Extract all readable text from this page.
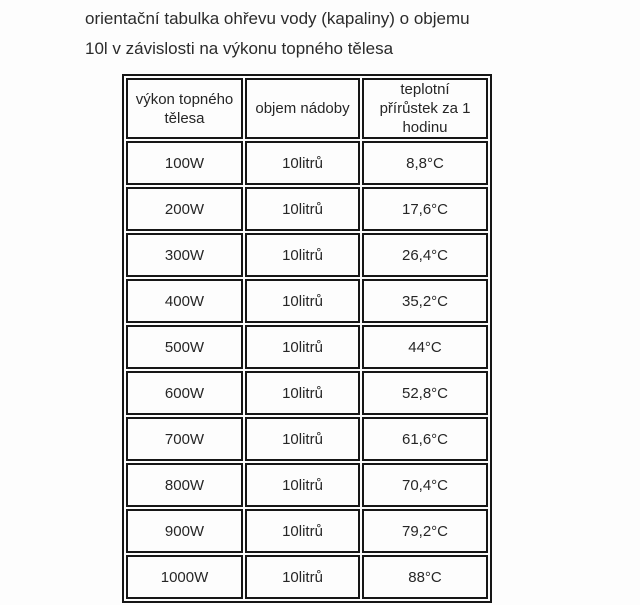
orientační tabulka ohřevu vody (kapaliny) o objemu
10l v závislosti na výkonu topného tělesa
výkon topného tělesa	objem nádoby	teplotní přírůstek za 1 hodinu
100W	10litrů	8,8°C
200W	10litrů	17,6°C
300W	10litrů	26,4°C
400W	10litrů	35,2°C
500W	10litrů	44°C
600W	10litrů	52,8°C
700W	10litrů	61,6°C
800W	10litrů	70,4°C
900W	10litrů	79,2°C
1000W	10litrů	88°C
